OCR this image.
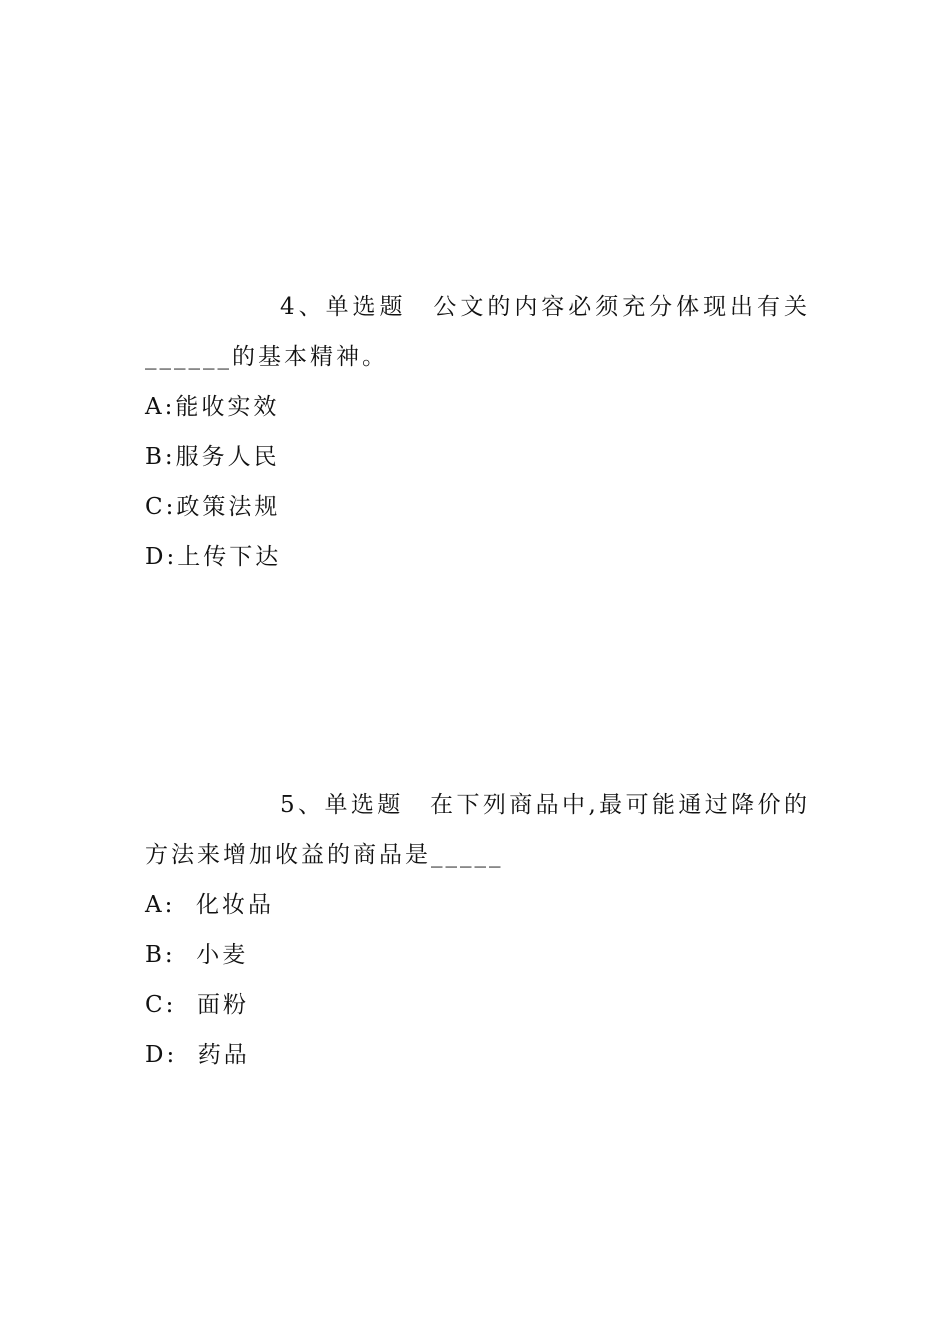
4、单选题　公文的内容必须充分体现出有关______的基本精神。

A:能收实效
B:服务人民
C:政策法规
D:上传下达

5、单选题　在下列商品中,最可能通过降价的方法来增加收益的商品是_____

A:  化妆品
B:  小麦
C:  面粉
D:  药品
